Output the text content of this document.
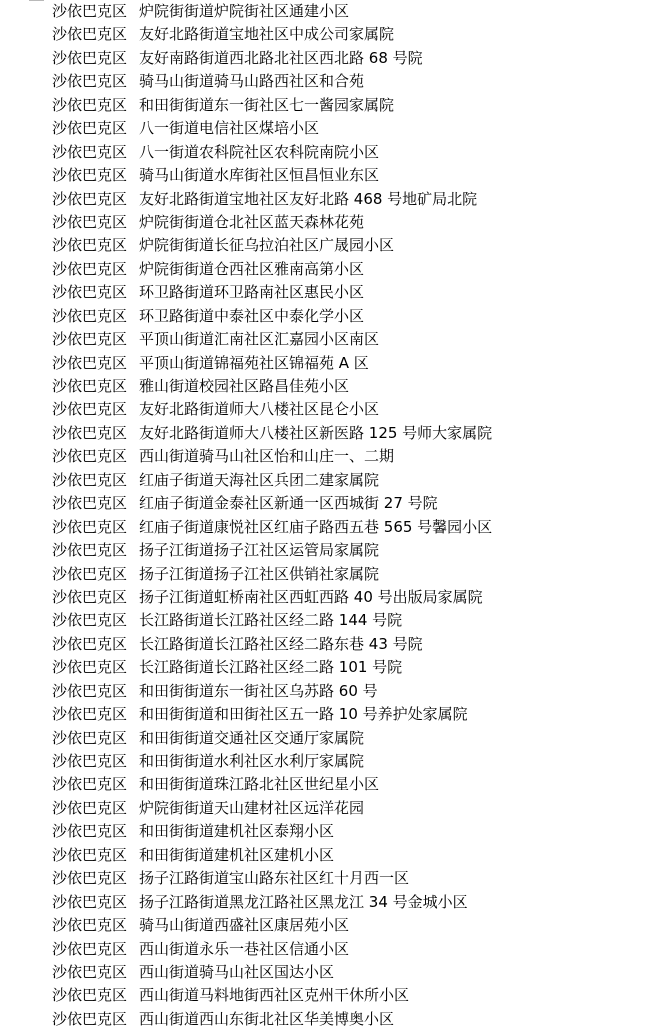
沙依巴克区 炉院街街道炉院街社区通建小区
沙依巴克区 友好北路街道宝地社区中成公司家属院
沙依巴克区 友好南路街道西北路北社区西北路 68 号院
沙依巴克区 骑马山街道骑马山路西社区和合苑
沙依巴克区 和田街街道东一街社区七一酱园家属院
沙依巴克区 八一街道电信社区煤培小区
沙依巴克区 八一街道农科院社区农科院南院小区
沙依巴克区 骑马山街道水库街社区恒昌恒业东区
沙依巴克区 友好北路街道宝地社区友好北路 468 号地矿局北院
沙依巴克区 炉院街街道仓北社区蓝天森林花苑
沙依巴克区 炉院街街道长征乌拉泊社区广晟园小区
沙依巴克区 炉院街街道仓西社区雅南高第小区
沙依巴克区 环卫路街道环卫路南社区惠民小区
沙依巴克区 环卫路街道中泰社区中泰化学小区
沙依巴克区 平顶山街道汇南社区汇嘉园小区南区
沙依巴克区 平顶山街道锦福苑社区锦福苑 A 区
沙依巴克区 雅山街道校园社区路昌佳苑小区
沙依巴克区 友好北路街道师大八楼社区昆仑小区
沙依巴克区 友好北路街道师大八楼社区新医路 125 号师大家属院
沙依巴克区 西山街道骑马山社区怡和山庄一、二期
沙依巴克区 红庙子街道天海社区兵团二建家属院
沙依巴克区 红庙子街道金泰社区新通一区西城街 27 号院
沙依巴克区 红庙子街道康悦社区红庙子路西五巷 565 号馨园小区
沙依巴克区 扬子江街道扬子江社区运管局家属院
沙依巴克区 扬子江街道扬子江社区供销社家属院
沙依巴克区 扬子江街道虹桥南社区西虹西路 40 号出版局家属院
沙依巴克区 长江路街道长江路社区经二路 144 号院
沙依巴克区 长江路街道长江路社区经二路东巷 43 号院
沙依巴克区 长江路街道长江路社区经二路 101 号院
沙依巴克区 和田街街道东一街社区乌苏路 60 号
沙依巴克区 和田街街道和田街社区五一路 10 号养护处家属院
沙依巴克区 和田街街道交通社区交通厅家属院
沙依巴克区 和田街街道水利社区水利厅家属院
沙依巴克区 和田街街道珠江路北社区世纪星小区
沙依巴克区 炉院街街道天山建材社区远洋花园
沙依巴克区 和田街街道建机社区泰翔小区
沙依巴克区 和田街街道建机社区建机小区
沙依巴克区 扬子江路街道宝山路东社区红十月西一区
沙依巴克区 扬子江路街道黑龙江路社区黑龙江 34 号金城小区
沙依巴克区 骑马山街道西盛社区康居苑小区
沙依巴克区 西山街道永乐一巷社区信通小区
沙依巴克区 西山街道骑马山社区国达小区
沙依巴克区 西山街道马料地街西社区克州干休所小区
沙依巴克区 西山街道西山东街北社区华美博奥小区
